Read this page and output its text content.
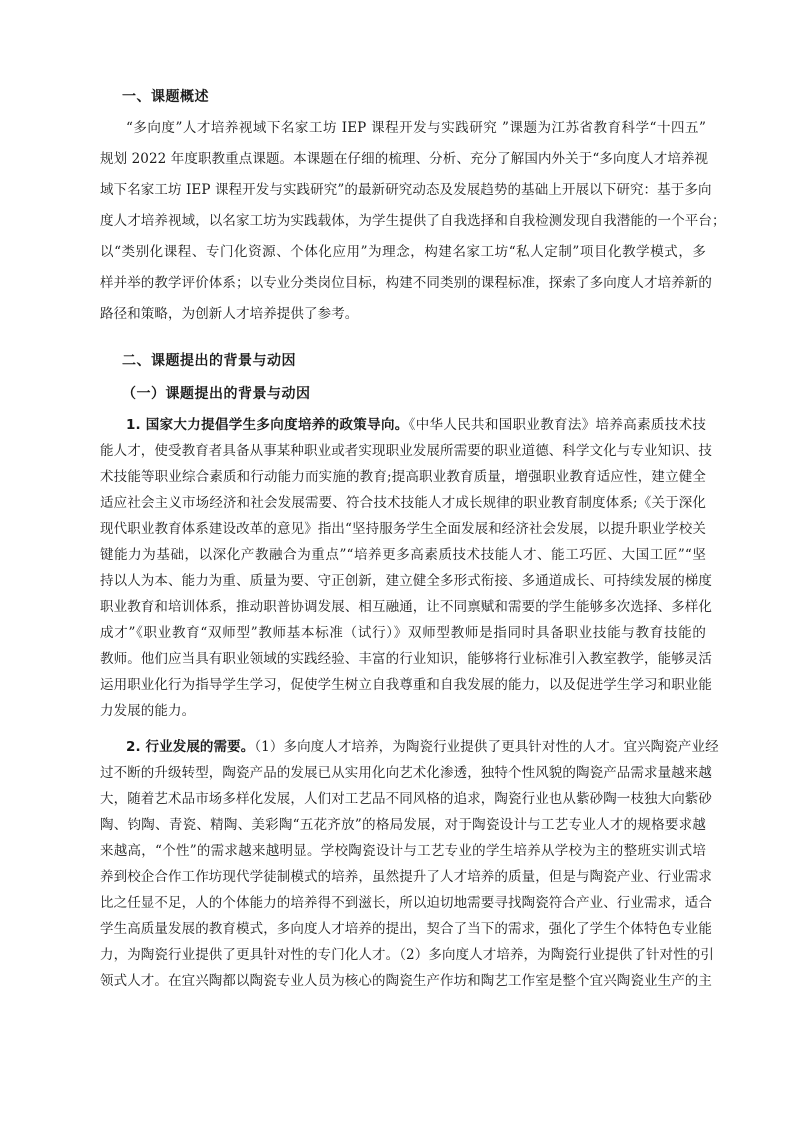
一、课题概述
“多向度”人才培养视域下名家工坊 IEP 课程开发与实践研究 ”课题为江苏省教育科学“十四五”
规划 2022 年度职教重点课题。本课题在仔细的梳理、分析、充分了解国内外关于“多向度人才培养视
域下名家工坊 IEP 课程开发与实践研究”的最新研究动态及发展趋势的基础上开展以下研究：基于多向
度人才培养视域，以名家工坊为实践载体，为学生提供了自我选择和自我检测发现自我潜能的一个平台；
以“类别化课程、专门化资源、个体化应用”为理念，构建名家工坊“私人定制”项目化教学模式，多
样并举的教学评价体系；以专业分类岗位目标，构建不同类别的课程标准，探索了多向度人才培养新的
路径和策略，为创新人才培养提供了参考。
二、课题提出的背景与动因
（一）课题提出的背景与动因
1. 国家大力提倡学生多向度培养的政策导向。《中华人民共和国职业教育法》培养高素质技术技
能人才，使受教育者具备从事某种职业或者实现职业发展所需要的职业道德、科学文化与专业知识、技
术技能等职业综合素质和行动能力而实施的教育;提高职业教育质量，增强职业教育适应性，建立健全
适应社会主义市场经济和社会发展需要、符合技术技能人才成长规律的职业教育制度体系;《关于深化
现代职业教育体系建设改革的意见》指出“坚持服务学生全面发展和经济社会发展，以提升职业学校关
键能力为基础，以深化产教融合为重点”“培养更多高素质技术技能人才、能工巧匠、大国工匠”“坚
持以人为本、能力为重、质量为要、守正创新，建立健全多形式衔接、多通道成长、可持续发展的梯度
职业教育和培训体系，推动职普协调发展、相互融通，让不同禀赋和需要的学生能够多次选择、多样化
成才”《职业教育“双师型”教师基本标准（试行）》双师型教师是指同时具备职业技能与教育技能的
教师。他们应当具有职业领域的实践经验、丰富的行业知识，能够将行业标准引入教室教学，能够灵活
运用职业化行为指导学生学习，促使学生树立自我尊重和自我发展的能力，以及促进学生学习和职业能
力发展的能力。
2. 行业发展的需要。（1）多向度人才培养，为陶瓷行业提供了更具针对性的人才。宜兴陶瓷产业经
过不断的升级转型，陶瓷产品的发展已从实用化向艺术化渗透，独特个性风貌的陶瓷产品需求量越来越
大，随着艺术品市场多样化发展，人们对工艺品不同风格的追求，陶瓷行业也从紫砂陶一枝独大向紫砂
陶、钧陶、青瓷、精陶、美彩陶“五花齐放”的格局发展，对于陶瓷设计与工艺专业人才的规格要求越
来越高，“个性”的需求越来越明显。学校陶瓷设计与工艺专业的学生培养从学校为主的整班实训式培
养到校企合作工作坊现代学徒制模式的培养，虽然提升了人才培养的质量，但是与陶瓷产业、行业需求
比之任显不足，人的个体能力的培养得不到滋长，所以迫切地需要寻找陶瓷符合产业、行业需求，适合
学生高质量发展的教育模式，多向度人才培养的提出，契合了当下的需求，强化了学生个体特色专业能
力，为陶瓷行业提供了更具针对性的专门化人才。（2）多向度人才培养，为陶瓷行业提供了针对性的引
领式人才。在宜兴陶都以陶瓷专业人员为核心的陶瓷生产作坊和陶艺工作室是整个宜兴陶瓷业生产的主
